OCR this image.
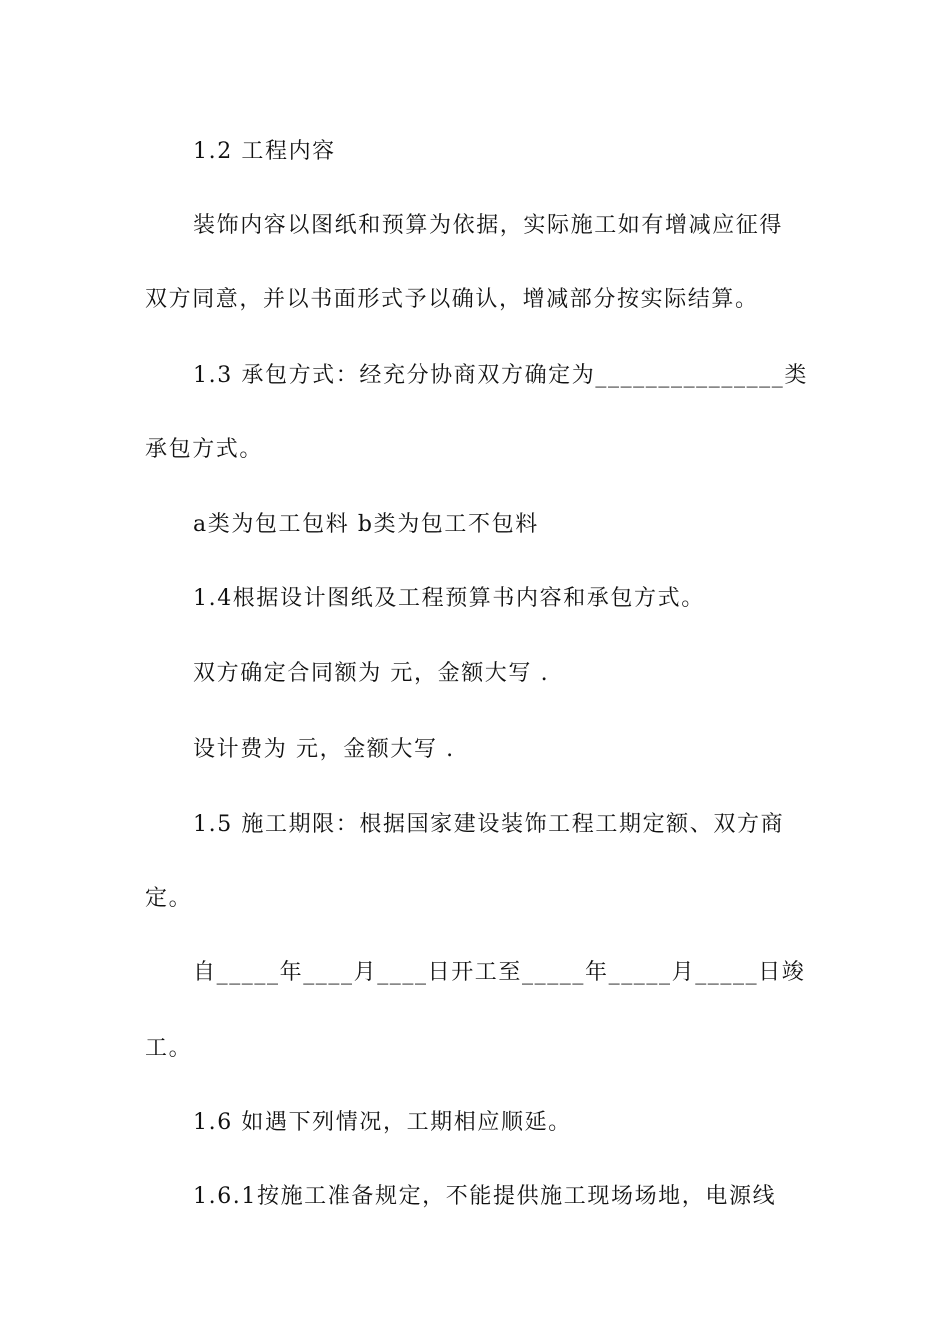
1.2 工程内容
装饰内容以图纸和预算为依据，实际施工如有增减应征得
双方同意，并以书面形式予以确认，增减部分按实际结算。
1.3 承包方式：经充分协商双方确定为_______________类
承包方式。
a类为包工包料 b类为包工不包料
1.4根据设计图纸及工程预算书内容和承包方式。
双方确定合同额为 元，金额大写 .
设计费为 元，金额大写 .
1.5 施工期限：根据国家建设装饰工程工期定额、双方商
定。
自_____年____月____日开工至_____年_____月_____日竣
工。
1.6 如遇下列情况，工期相应顺延。
1.6.1按施工准备规定，不能提供施工现场场地，电源线
